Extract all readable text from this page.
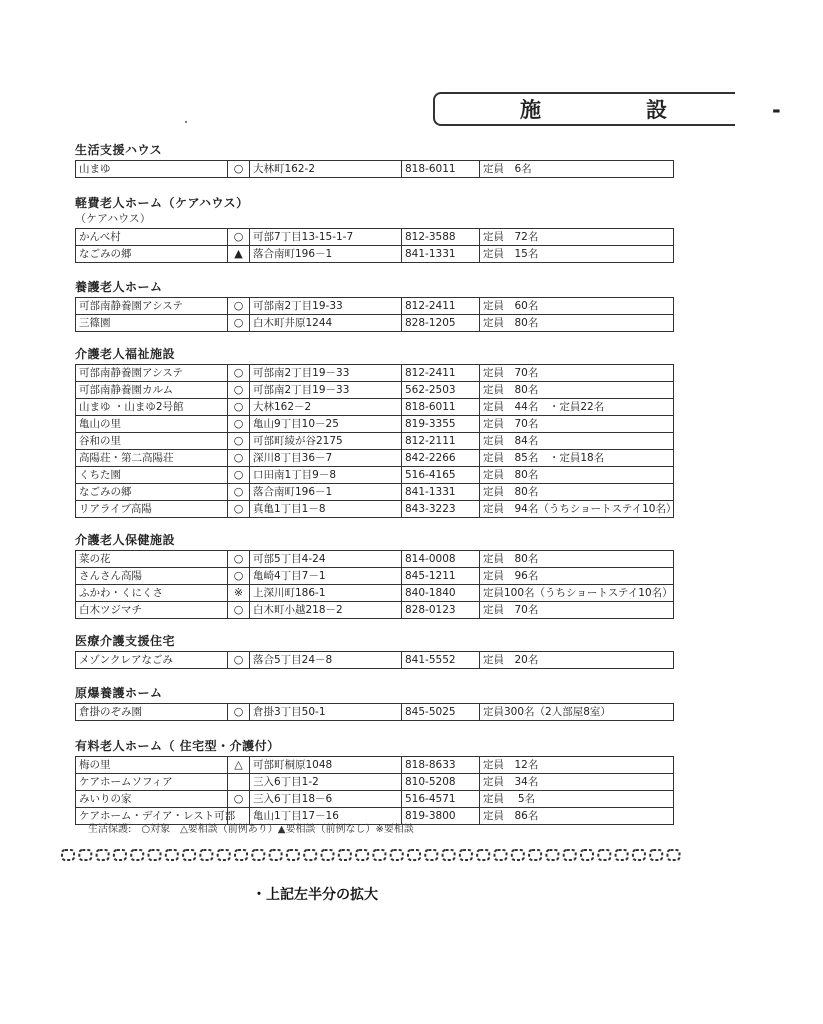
施　設　-
生活支援ハウス
山まゆ	○	大林町162-2	818-6011	定員　6名
軽費老人ホーム（ケアハウス）
（ケアハウス）
かんべ村	○	可部7丁目13-15-1-7	812-3588	定員　72名
なごみの郷	▲	落合南町196－1	841-1331	定員　15名
養護老人ホーム
可部南静養園アシステ	○	可部南2丁目19-33	812-2411	定員　60名
三篠園	○	白木町井原1244	828-1205	定員　80名
介護老人福祉施設
可部南静養園アシステ	○	可部南2丁目19－33	812-2411	定員　70名
可部南静養園カルム	○	可部南2丁目19－33	562-2503	定員　80名
山まゆ ・山まゆ2号館	○	大林162－2	818-6011	定員　44名　・定員22名
亀山の里	○	亀山9丁目10－25	819-3355	定員　70名
谷和の里	○	可部町綾が谷2175	812-2111	定員　84名
高陽荘・第二高陽荘	○	深川8丁目36－7	842-2266	定員　85名　・定員18名
くちた園	○	口田南1丁目9－8	516-4165	定員　80名
なごみの郷	○	落合南町196－1	841-1331	定員　80名
リアライブ高陽	○	真亀1丁目1－8	843-3223	定員　94名（うちショートステイ10名）
介護老人保健施設
菜の花	○	可部5丁目4-24	814-0008	定員　80名
さんさん高陽	○	亀崎4丁目7－1	845-1211	定員　96名
ふかわ・くにくさ	※	上深川町186-1	840-1840	定員100名（うちショートステイ10名）
白木ツジマチ	○	白木町小越218－2	828-0123	定員　70名
医療介護支援住宅
メゾンクレアなごみ	○	落合5丁目24－8	841-5552	定員　20名
原爆養護ホーム
倉掛のぞみ園	○	倉掛3丁目50-1	845-5025	定員300名（2人部屋8室）
有料老人ホーム（ 住宅型・介護付）
梅の里	△	可部町桐原1048	818-8633	定員　12名
ケアホームソフィア		三入6丁目1-2	810-5208	定員　34名
みいりの家	○	三入6丁目18－6	516-4571	定員　 5名
ケアホーム・デイア・レスト可部		亀山1丁目17－16	819-3800	定員　86名
生活保護:　○対象　△要相談（前例あり）▲要相談（前例なし）※要相談
・上記左半分の拡大
